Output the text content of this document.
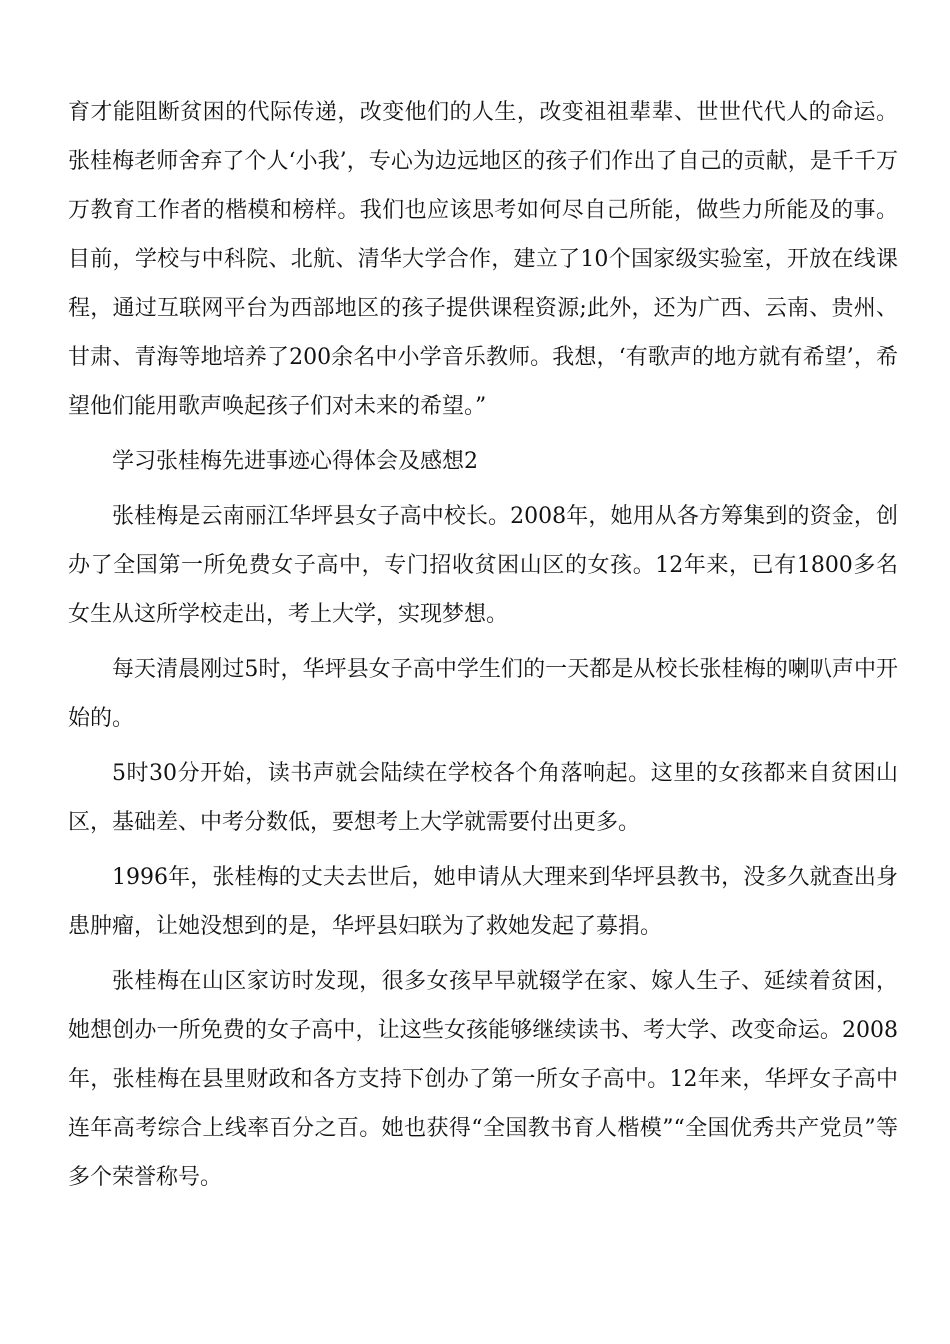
育才能阻断贫困的代际传递，改变他们的人生，改变祖祖辈辈、世世代代人的命运。张桂梅老师舍弃了个人‘小我’，专心为边远地区的孩子们作出了自己的贡献，是千千万万教育工作者的楷模和榜样。我们也应该思考如何尽自己所能，做些力所能及的事。目前，学校与中科院、北航、清华大学合作，建立了10个国家级实验室，开放在线课程，通过互联网平台为西部地区的孩子提供课程资源;此外，还为广西、云南、贵州、甘肃、青海等地培养了200余名中小学音乐教师。我想，‘有歌声的地方就有希望’，希望他们能用歌声唤起孩子们对未来的希望。”

学习张桂梅先进事迹心得体会及感想2

张桂梅是云南丽江华坪县女子高中校长。2008年，她用从各方筹集到的资金，创办了全国第一所免费女子高中，专门招收贫困山区的女孩。12年来，已有1800多名女生从这所学校走出，考上大学，实现梦想。

每天清晨刚过5时，华坪县女子高中学生们的一天都是从校长张桂梅的喇叭声中开始的。

5时30分开始，读书声就会陆续在学校各个角落响起。这里的女孩都来自贫困山区，基础差、中考分数低，要想考上大学就需要付出更多。

1996年，张桂梅的丈夫去世后，她申请从大理来到华坪县教书，没多久就查出身患肿瘤，让她没想到的是，华坪县妇联为了救她发起了募捐。

张桂梅在山区家访时发现，很多女孩早早就辍学在家、嫁人生子、延续着贫困，她想创办一所免费的女子高中，让这些女孩能够继续读书、考大学、改变命运。2008年，张桂梅在县里财政和各方支持下创办了第一所女子高中。12年来，华坪女子高中连年高考综合上线率百分之百。她也获得“全国教书育人楷模”“全国优秀共产党员”等多个荣誉称号。
